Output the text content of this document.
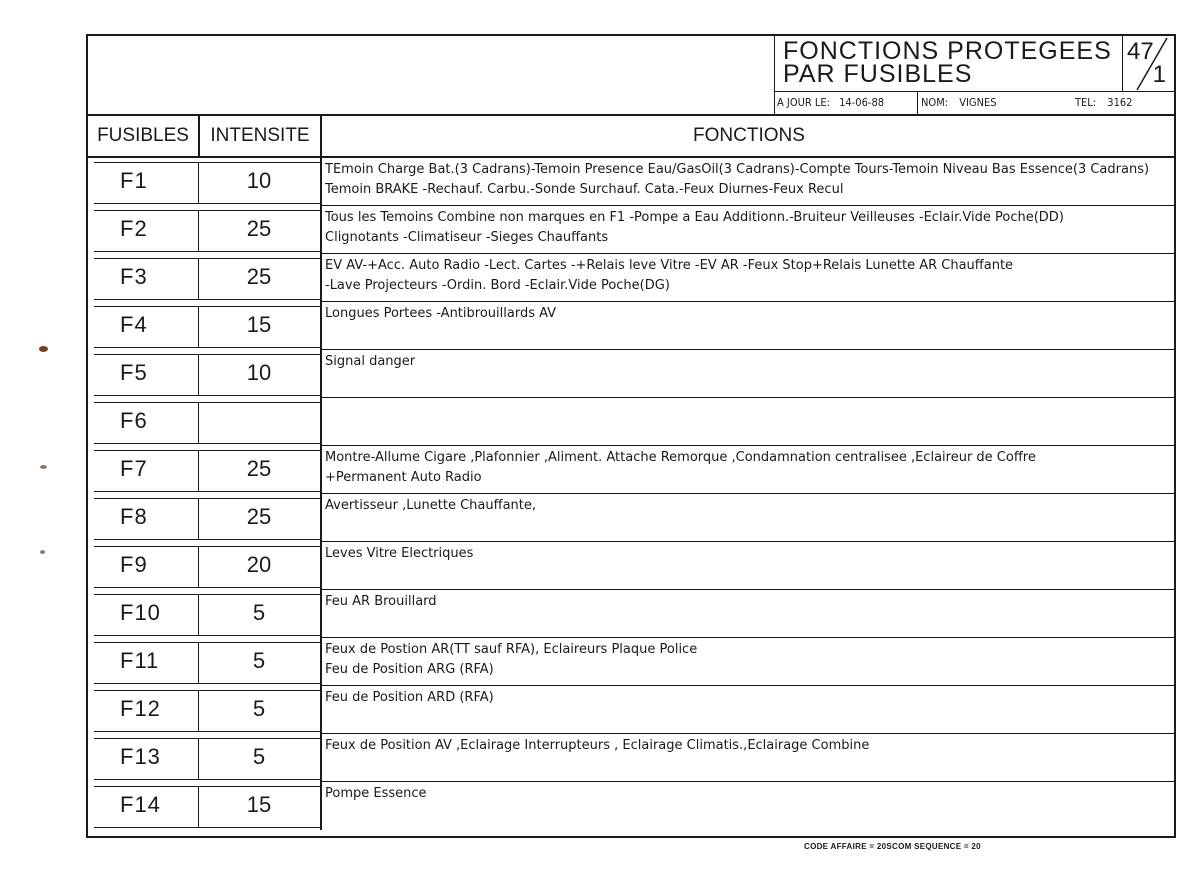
FONCTIONS PROTEGEES
PAR FUSIBLES
47
1
A JOUR LE: 14-06-88	NOM: VIGNES	TEL: 3162
FUSIBLES	INTENSITE	FONCTIONS
F1	10	TEmoin Charge Bat.(3 Cadrans)-Temoin Presence Eau/GasOil(3 Cadrans)-Compte Tours-Temoin Niveau Bas Essence(3 Cadrans)
Temoin BRAKE -Rechauf. Carbu.-Sonde Surchauf. Cata.-Feux Diurnes-Feux Recul
F2	25	Tous les Temoins Combine non marques en F1 -Pompe a Eau Additionn.-Bruiteur Veilleuses -Eclair.Vide Poche(DD)
Clignotants -Climatiseur -Sieges Chauffants
F3	25	EV AV-+Acc. Auto Radio -Lect. Cartes -+Relais leve Vitre -EV AR -Feux Stop+Relais Lunette AR Chauffante
-Lave Projecteurs -Ordin. Bord -Eclair.Vide Poche(DG)
F4	15	Longues Portees -Antibrouillards AV
F5	10	Signal danger
F6
F7	25	Montre-Allume Cigare ,Plafonnier ,Aliment. Attache Remorque ,Condamnation centralisee ,Eclaireur de Coffre
+Permanent Auto Radio
F8	25	Avertisseur ,Lunette Chauffante,
F9	20	Leves Vitre Electriques
F10	5	Feu AR Brouillard
F11	5	Feux de Postion AR(TT sauf RFA), Eclaireurs Plaque Police
Feu de Position ARG (RFA)
F12	5	Feu de Position ARD (RFA)
F13	5	Feux de Position AV ,Eclairage Interrupteurs , Eclairage Climatis.,Eclairage Combine
F14	15	Pompe Essence
CODE AFFAIRE = 20SCOM SEQUENCE = 20
